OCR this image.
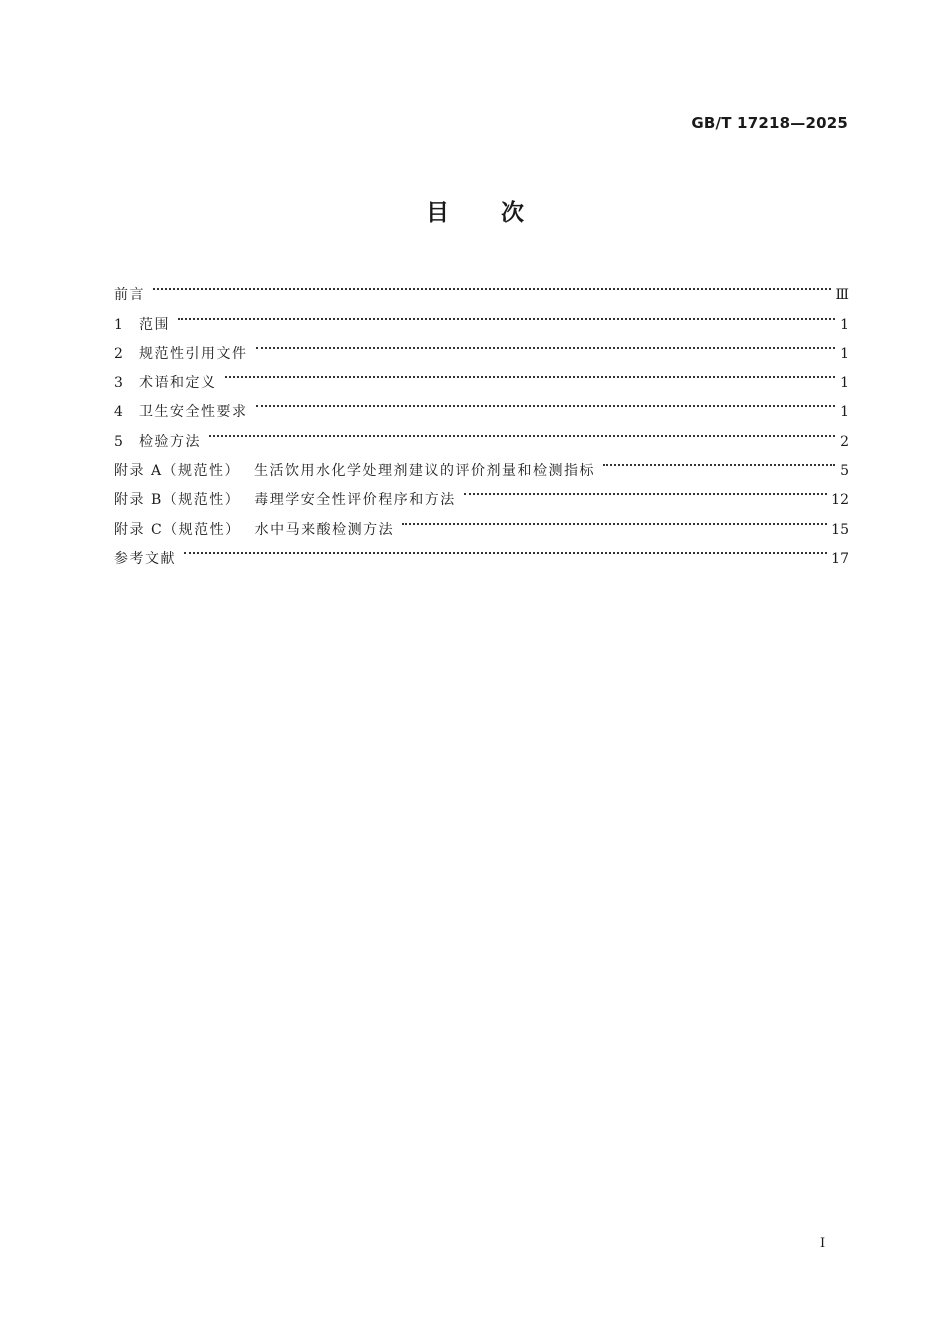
GB/T 17218—2025
目次
前言	Ⅲ
1	范围	1
2	规范性引用文件	1
3	术语和定义	1
4	卫生安全性要求	1
5	检验方法	2
附录 A（规范性） 生活饮用水化学处理剂建议的评价剂量和检测指标	5
附录 B（规范性） 毒理学安全性评价程序和方法	12
附录 C（规范性） 水中马来酸检测方法	15
参考文献	17
I
